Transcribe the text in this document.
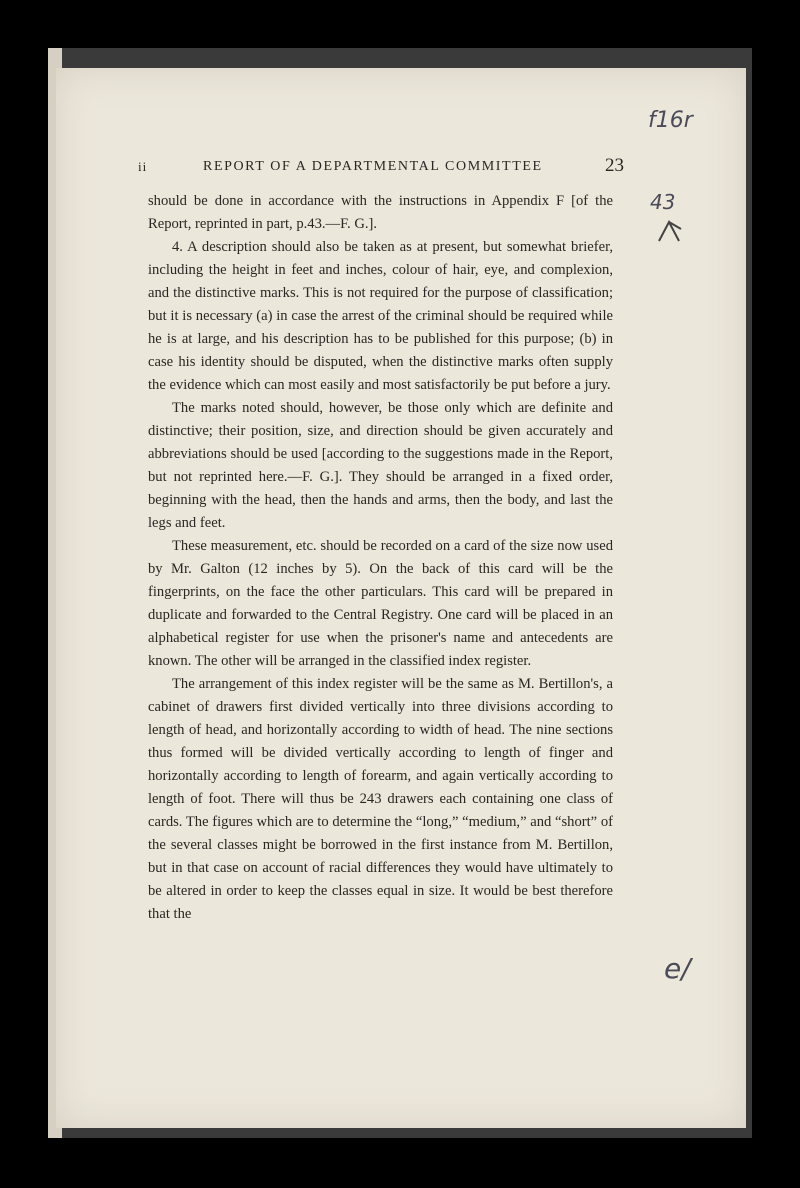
ii	REPORT OF A DEPARTMENTAL COMMITTEE	23
f16r
43
e/

should be done in accordance with the instructions in Appendix F [of the Report, reprinted in part, p.43.—F. G.].

4. A description should also be taken as at present, but somewhat briefer, including the height in feet and inches, colour of hair, eye, and complexion, and the distinctive marks. This is not required for the purpose of classification; but it is necessary (a) in case the arrest of the criminal should be required while he is at large, and his description has to be published for this purpose; (b) in case his identity should be disputed, when the distinctive marks often supply the evidence which can most easily and most satisfactorily be put before a jury.

The marks noted should, however, be those only which are definite and distinctive; their position, size, and direction should be given accurately and abbreviations should be used [according to the suggestions made in the Report, but not reprinted here.—F. G.]. They should be arranged in a fixed order, beginning with the head, then the hands and arms, then the body, and last the legs and feet.

These measurement, etc. should be recorded on a card of the size now used by Mr. Galton (12 inches by 5). On the back of this card will be the fingerprints, on the face the other particulars. This card will be prepared in duplicate and forwarded to the Central Registry. One card will be placed in an alphabetical register for use when the prisoner's name and antecedents are known. The other will be arranged in the classified index register.

The arrangement of this index register will be the same as M. Bertillon's, a cabinet of drawers first divided vertically into three divisions according to length of head, and horizontally according to width of head. The nine sections thus formed will be divided vertically according to length of finger and horizontally according to length of forearm, and again vertically according to length of foot. There will thus be 243 drawers each containing one class of cards. The figures which are to determine the “long,” “medium,” and “short” of the several classes might be borrowed in the first instance from M. Bertillon, but in that case on account of racial differences they would have ultimately to be altered in order to keep the classes equal in size. It would be best therefore that the
